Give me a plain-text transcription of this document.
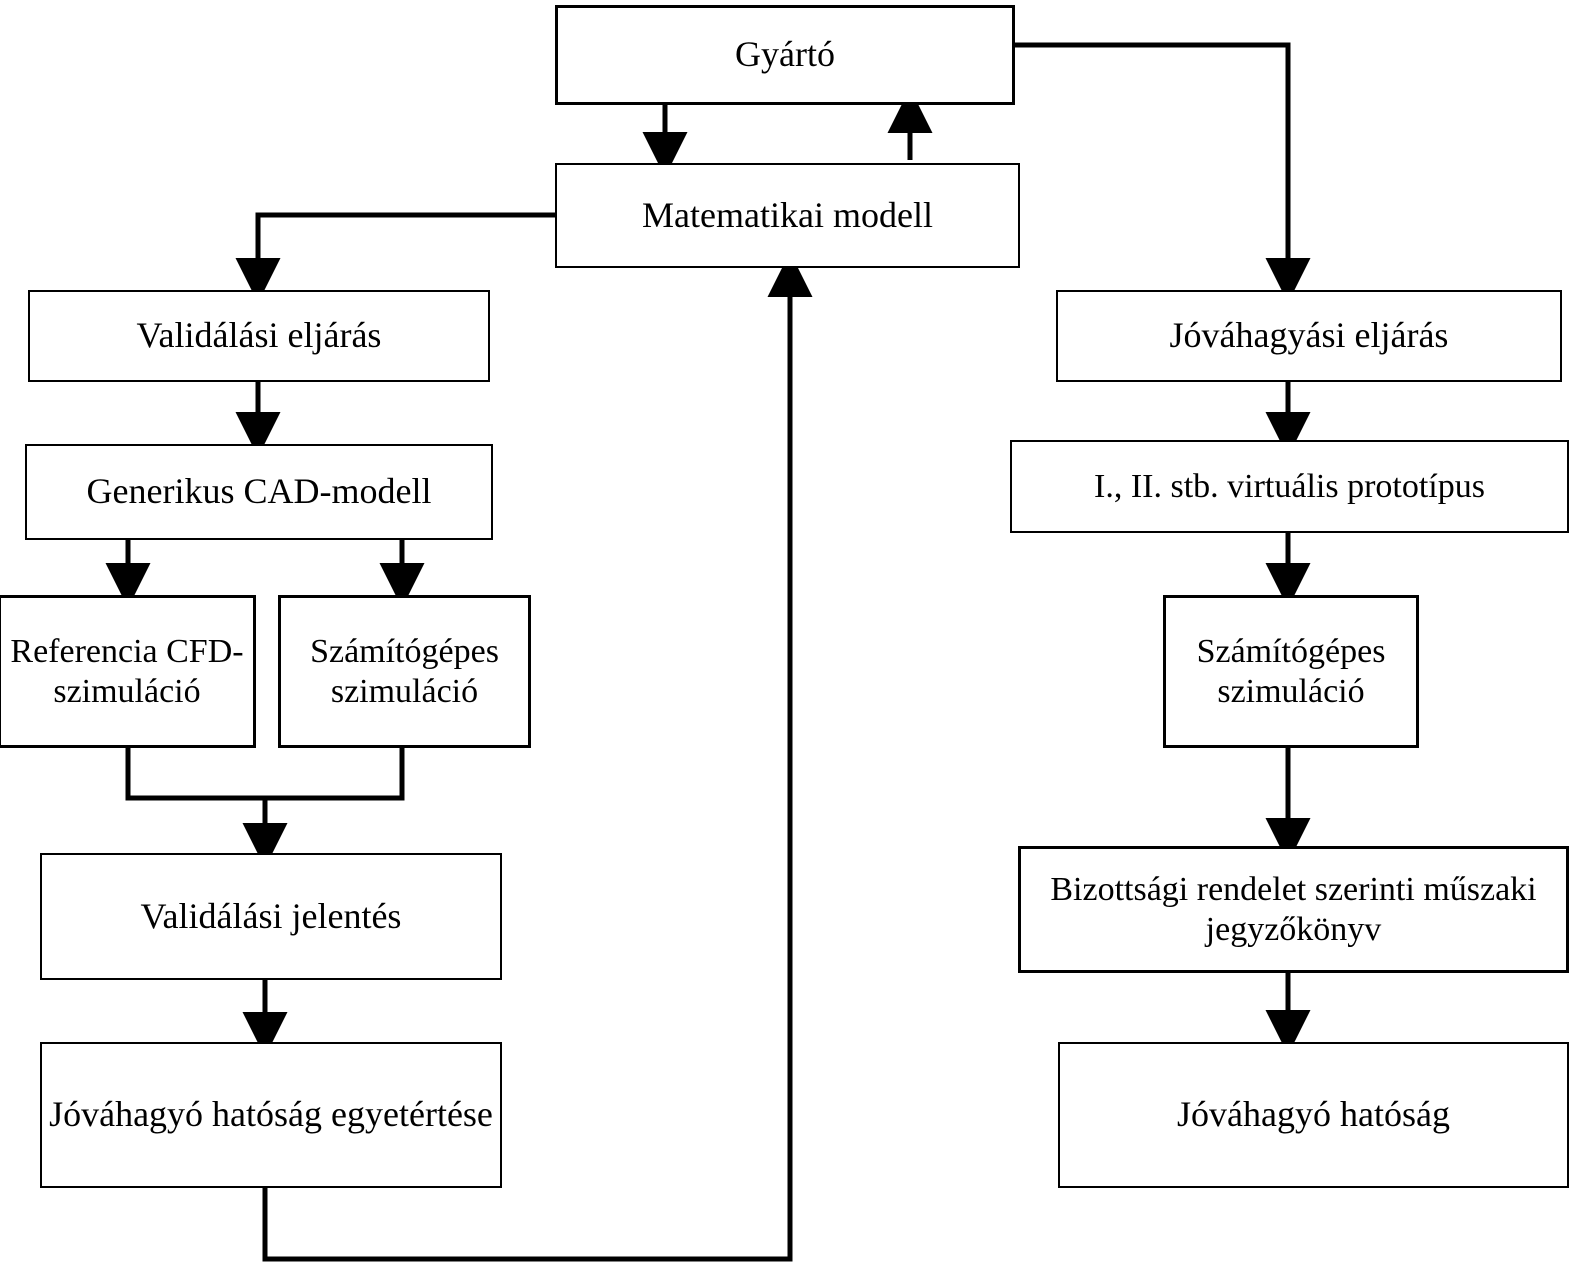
Gyártó
Matematikai modell
Validálási eljárás	Jóváhagyási eljárás
Generikus CAD-modell	I., II. stb. virtuális prototípus
Referencia CFD-szimuláció
Számítógépes szimuláció
Számítógépes szimuláció
Validálási jelentés
Bizottsági rendelet szerinti műszaki jegyzőkönyv
Jóváhagyó hatóság egyetértése	Jóváhagyó hatóság
